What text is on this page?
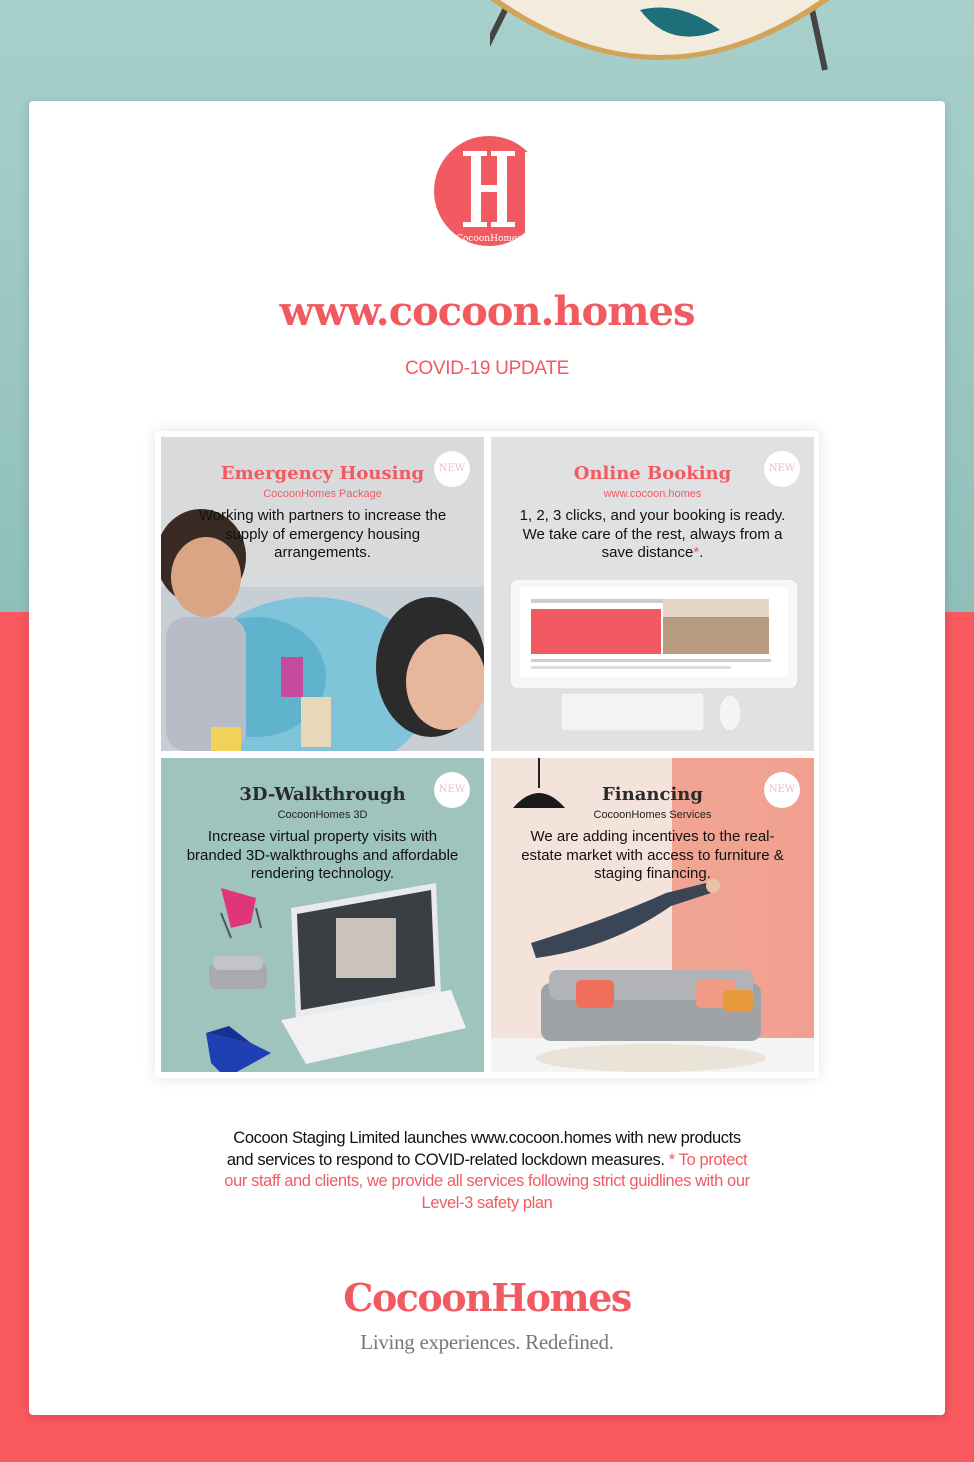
CocoonHomes
www.cocoon.homes
COVID-19 UPDATE
Emergency Housing
CocoonHomes Package
Working with partners to increase the supply of emergency housing arrangements.
NEW	Online Booking
www.cocoon.homes
1, 2, 3 clicks, and your booking is ready. We take care of the rest, always from a save distance*.
NEW
3D-Walkthrough
CocoonHomes 3D
Increase virtual property visits with branded 3D-walkthroughs and affordable rendering technology.
NEW	Financing
CocoonHomes Services
We are adding incentives to the real-estate market with access to furniture & staging financing.
NEW
Cocoon Staging Limited launches www.cocoon.homes with new products and services to respond to COVID-related lockdown measures. * To protect our staff and clients, we provide all services following strict guidlines with our Level-3 safety plan
CocoonHomes
Living experiences. Redefined.
